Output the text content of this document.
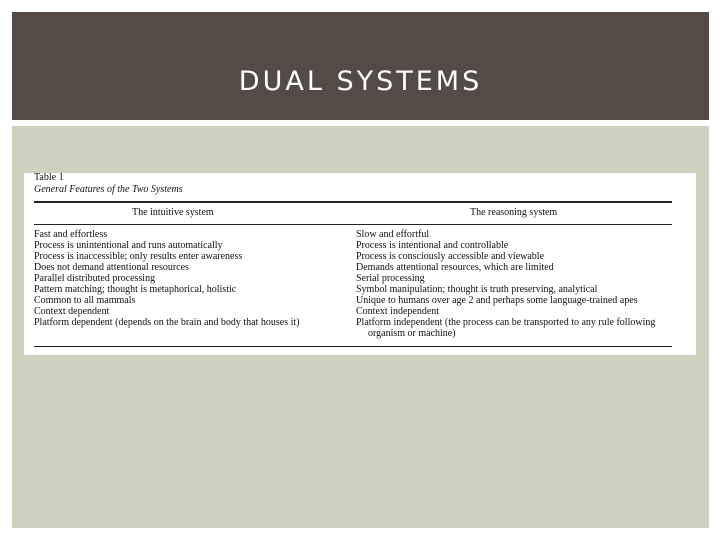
DUAL SYSTEMS
Table 1
General Features of the Two Systems
The intuitive system	The reasoning system
Fast and effortless
Process is unintentional and runs automatically
Process is inaccessible; only results enter awareness
Does not demand attentional resources
Parallel distributed processing
Pattern matching; thought is metaphorical, holistic
Common to all mammals
Context dependent
Platform dependent (depends on the brain and body that houses it)
Slow and effortful
Process is intentional and controllable
Process is consciously accessible and viewable
Demands attentional resources, which are limited
Serial processing
Symbol manipulation; thought is truth preserving, analytical
Unique to humans over age 2 and perhaps some language-trained apes
Context independent
Platform independent (the process can be transported to any rule following organism or machine)
